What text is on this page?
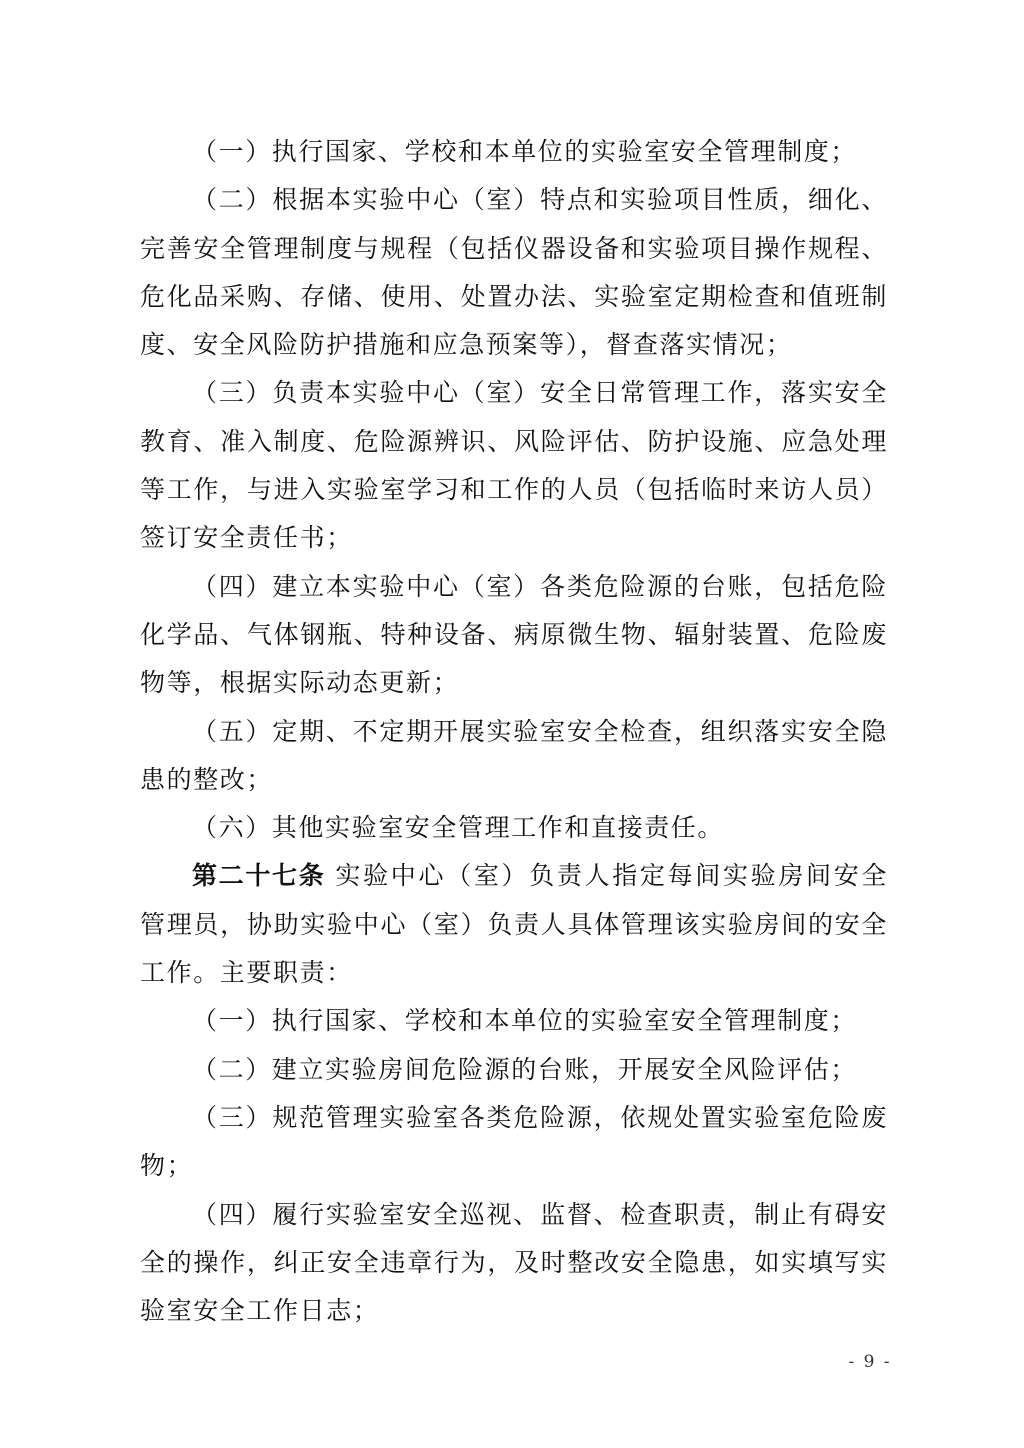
（一）执行国家、学校和本单位的实验室安全管理制度；

（二）根据本实验中心（室）特点和实验项目性质，细化、完善安全管理制度与规程（包括仪器设备和实验项目操作规程、危化品采购、存储、使用、处置办法、实验室定期检查和值班制度、安全风险防护措施和应急预案等），督查落实情况；

（三）负责本实验中心（室）安全日常管理工作，落实安全教育、准入制度、危险源辨识、风险评估、防护设施、应急处理等工作，与进入实验室学习和工作的人员（包括临时来访人员）签订安全责任书；

（四）建立本实验中心（室）各类危险源的台账，包括危险化学品、气体钢瓶、特种设备、病原微生物、辐射装置、危险废物等，根据实际动态更新；

（五）定期、不定期开展实验室安全检查，组织落实安全隐患的整改；

（六）其他实验室安全管理工作和直接责任。

第二十七条 实验中心（室）负责人指定每间实验房间安全管理员，协助实验中心（室）负责人具体管理该实验房间的安全工作。主要职责：

（一）执行国家、学校和本单位的实验室安全管理制度；

（二）建立实验房间危险源的台账，开展安全风险评估；

（三）规范管理实验室各类危险源，依规处置实验室危险废物；

（四）履行实验室安全巡视、监督、检查职责，制止有碍安全的操作，纠正安全违章行为，及时整改安全隐患，如实填写实验室安全工作日志；

- 9 -
